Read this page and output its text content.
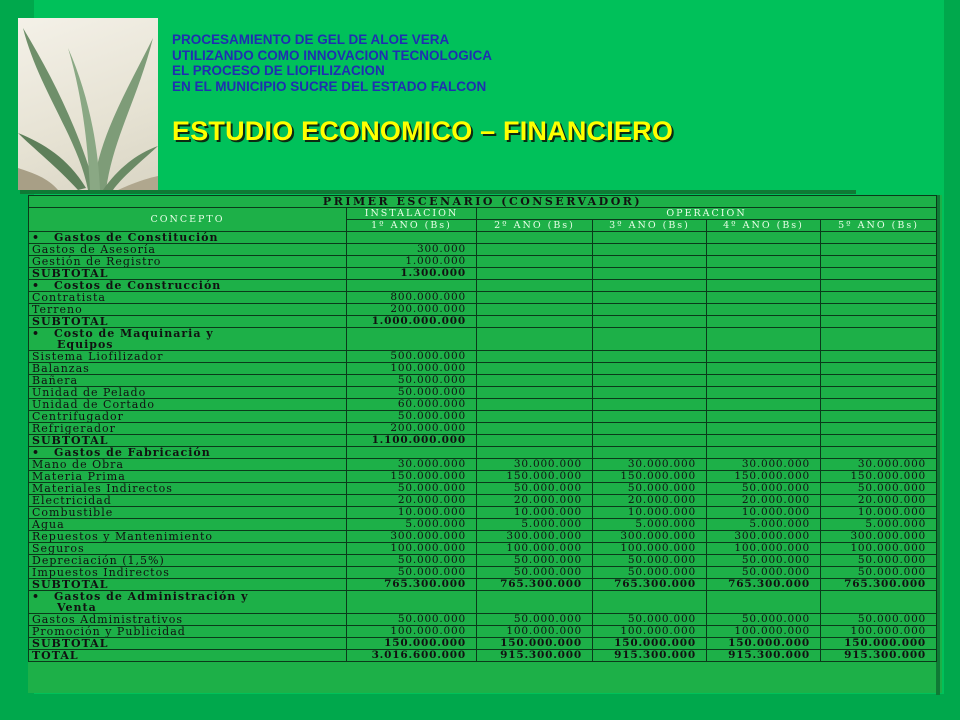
PROCESAMIENTO DE GEL DE ALOE VERA
UTILIZANDO COMO INNOVACION TECNOLOGICA
EL PROCESO DE LIOFILIZACION
EN EL MUNICIPIO SUCRE DEL ESTADO FALCON
ESTUDIO ECONOMICO – FINANCIERO
PRIMER ESCENARIO (CONSERVADOR)					
CONCEPTO	INSTALACION	OPERACION			
	1º AÑO (Bs)	2º AÑO (Bs)	3º AÑO (Bs)	4º AÑO (Bs)	5º AÑO (Bs)
• Gastos de Constitución					
Gastos de Asesoría	300.000				
Gestión de Registro	1.000.000				
SUBTOTAL	1.300.000				
• Costos de Construcción					
Contratista	800.000.000				
Terreno	200.000.000				
SUBTOTAL	1.000.000.000				
• Costo de Maquinaria y
Equipos					
Sistema Liofilizador	500.000.000				
Balanzas	100.000.000				
Bañera	50.000.000				
Unidad de Pelado	50.000.000				
Unidad de Cortado	60.000.000				
Centrifugador	50.000.000				
Refrigerador	200.000.000				
SUBTOTAL	1.100.000.000				
• Gastos de Fabricación					
Mano de Obra	30.000.000	30.000.000	30.000.000	30.000.000	30.000.000
Materia Prima	150.000.000	150.000.000	150.000.000	150.000.000	150.000.000
Materiales Indirectos	50.000.000	50.000.000	50.000.000	50.000.000	50.000.000
Electricidad	20.000.000	20.000.000	20.000.000	20.000.000	20.000.000
Combustible	10.000.000	10.000.000	10.000.000	10.000.000	10.000.000
Agua	5.000.000	5.000.000	5.000.000	5.000.000	5.000.000
Repuestos y Mantenimiento	300.000.000	300.000.000	300.000.000	300.000.000	300.000.000
Seguros	100.000.000	100.000.000	100.000.000	100.000.000	100.000.000
Depreciación (1,5%)	50.000.000	50.000.000	50.000.000	50.000.000	50.000.000
Impuestos Indirectos	50.000.000	50.000.000	50.000.000	50.000.000	50.000.000
SUBTOTAL	765.300.000	765.300.000	765.300.000	765.300.000	765.300.000
• Gastos de Administración y
Venta					
Gastos Administrativos	50.000.000	50.000.000	50.000.000	50.000.000	50.000.000
Promoción y Publicidad	100.000.000	100.000.000	100.000.000	100.000.000	100.000.000
SUBTOTAL	150.000.000	150.000.000	150.000.000	150.000.000	150.000.000
TOTAL	3.016.600.000	915.300.000	915.300.000	915.300.000	915.300.000
